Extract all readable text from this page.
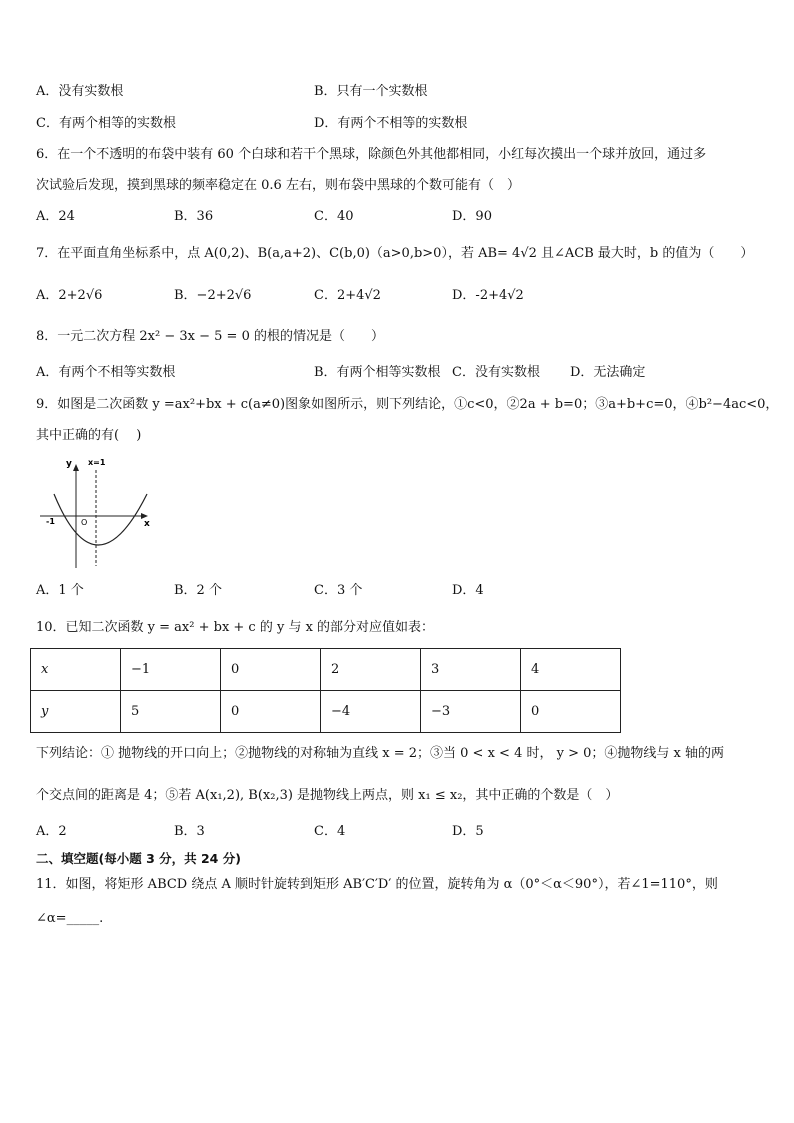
A．没有实数根	B．只有一个实数根
C．有两个相等的实数根	D．有两个不相等的实数根
6．在一个不透明的布袋中装有 60 个白球和若干个黑球，除颜色外其他都相同，小红每次摸出一个球并放回，通过多
次试验后发现，摸到黑球的频率稳定在 0.6 左右，则布袋中黑球的个数可能有（　）
A．24	B．36	C．40	D．90
7．在平面直角坐标系中，点 A(0,2)、B(a,a+2)、C(b,0)（a>0,b>0），若 AB= 4√2 且∠ACB 最大时，b 的值为（　　）
A．2+2√6	B．−2+2√6	C．2+4√2	D．-2+4√2
8．一元二次方程 2x² − 3x − 5 = 0 的根的情况是（　　）
A．有两个不相等实数根	B．有两个相等实数根 C．没有实数根 D．无法确定
9．如图是二次函数 y =ax²+bx + c(a≠0)图象如图所示，则下列结论，①c<0，②2a + b=0；③a+b+c=0，④b²−4ac<0，
其中正确的有(　 )
y x=1
x
O
-1
A．1 个	B．2 个	C．3 个	D．4
10．已知二次函数 y = ax² + bx + c 的 y 与 x 的部分对应值如表：
x	−1	0	2	3	4
y	5	0	−4	−3	0
下列结论：① 抛物线的开口向上；②抛物线的对称轴为直线 x = 2；③当 0 < x < 4 时， y > 0；④抛物线与 x 轴的两
个交点间的距离是 4；⑤若 A(x₁,2), B(x₂,3) 是抛物线上两点，则 x₁ ≤ x₂，其中正确的个数是（　）
A．2	B．3	C．4	D．5
二、填空题(每小题 3 分，共 24 分)
11．如图，将矩形 ABCD 绕点 A 顺时针旋转到矩形 AB′C′D′ 的位置，旋转角为 α（0°＜α＜90°），若∠1=110°，则
∠α=_____.
